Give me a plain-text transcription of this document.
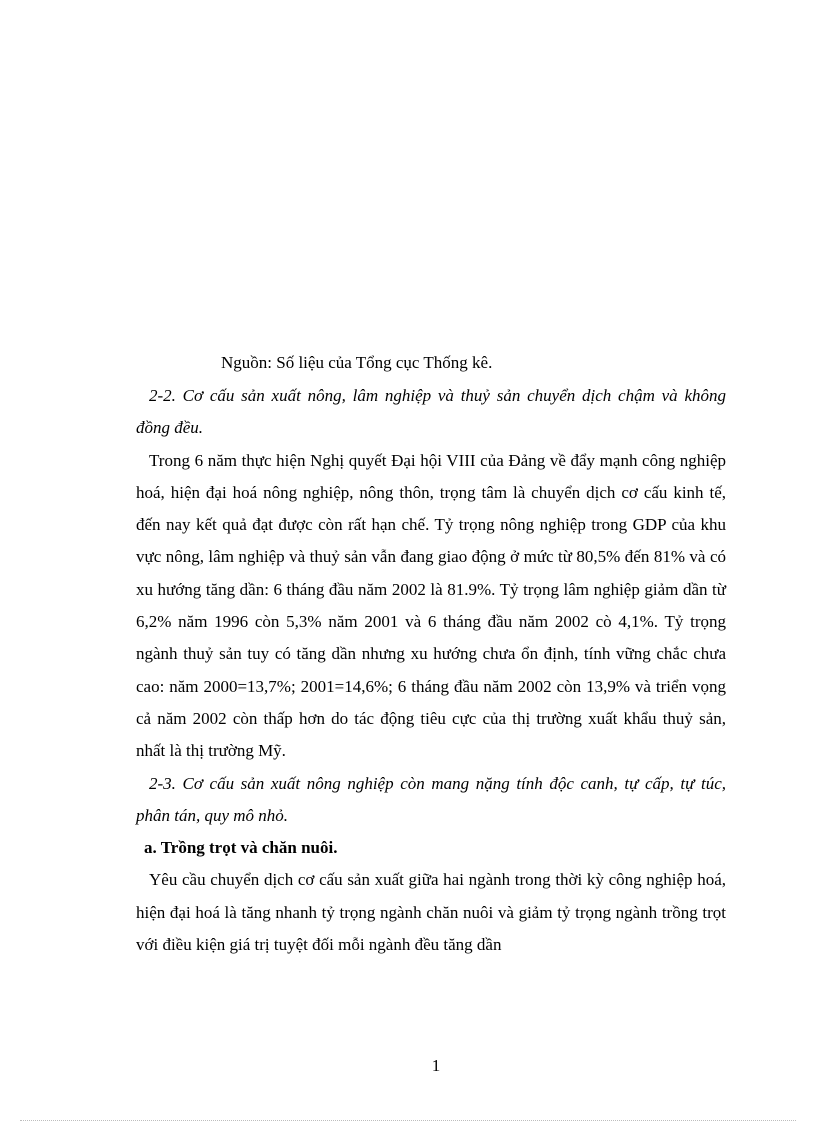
Nguồn: Số liệu của Tổng cục Thống kê.

2-2. Cơ cấu sản xuất nông, lâm nghiệp và thuỷ sản chuyển dịch chậm và không đồng đều.

Trong 6 năm thực hiện Nghị quyết Đại hội VIII của Đảng về đẩy mạnh công nghiệp hoá, hiện đại hoá nông nghiệp, nông thôn, trọng tâm là chuyển dịch cơ cấu kinh tế, đến nay kết quả đạt được còn rất hạn chế. Tỷ trọng nông nghiệp trong GDP của khu vực nông, lâm nghiệp và thuỷ sản vẫn đang giao động ở mức từ 80,5% đến 81% và có xu hướng tăng dần: 6 tháng đầu năm 2002 là 81.9%. Tỷ trọng lâm nghiệp giảm dần từ 6,2% năm 1996 còn 5,3% năm 2001 và 6 tháng đầu năm 2002 cò 4,1%. Tỷ trọng ngành thuỷ sản tuy có tăng dần nhưng xu hướng chưa ổn định, tính vững chắc chưa cao: năm 2000=13,7%; 2001=14,6%; 6 tháng đầu năm 2002 còn 13,9% và triển vọng cả năm 2002 còn thấp hơn do tác động tiêu cực của thị trường xuất khẩu thuỷ sản, nhất là thị trường Mỹ.

2-3. Cơ cấu sản xuất nông nghiệp còn mang nặng tính độc canh, tự cấp, tự túc, phân tán, quy mô nhỏ.

a. Trồng trọt và chăn nuôi.

Yêu cầu chuyển dịch cơ cấu sản xuất giữa hai ngành trong thời kỳ công nghiệp hoá, hiện đại hoá là tăng nhanh tỷ trọng ngành chăn nuôi và giảm tỷ trọng ngành trồng trọt với điều kiện giá trị tuyệt đối mỗi ngành đều tăng dần

1
